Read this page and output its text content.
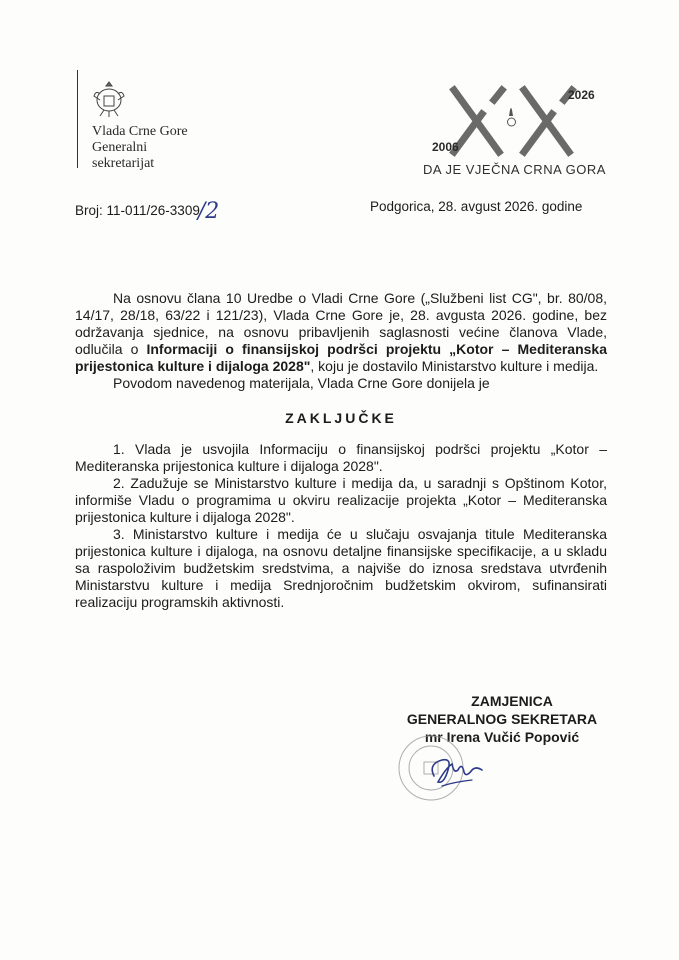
Vlada Crne Gore
Generalni
sekretarijat
2006
2026
DA JE VJEČNA CRNA GORA
Broj: 11-011/26-3309/2	Podgorica, 28. avgust 2026. godine

Na osnovu člana 10 Uredbe o Vladi Crne Gore („Službeni list CG", br. 80/08, 14/17, 28/18, 63/22 i 121/23), Vlada Crne Gore je, 28. avgusta 2026. godine, bez održavanja sjednice, na osnovu pribavljenih saglasnosti većine članova Vlade, odlučila o Informaciji o finansijskoj podršci projektu „Kotor – Mediteranska prijestonica kulture i dijaloga 2028", koju je dostavilo Ministarstvo kulture i medija.

Povodom navedenog materijala, Vlada Crne Gore donijela je

ZAKLJUČKE

1. Vlada je usvojila Informaciju o finansijskoj podršci projektu „Kotor – Mediteranska prijestonica kulture i dijaloga 2028".

2. Zadužuje se Ministarstvo kulture i medija da, u saradnji s Opštinom Kotor, informiše Vladu o programima u okviru realizacije projekta „Kotor – Mediteranska prijestonica kulture i dijaloga 2028".

3. Ministarstvo kulture i medija će u slučaju osvajanja titule Mediteranska prijestonica kulture i dijaloga, na osnovu detaljne finansijske specifikacije, a u skladu sa raspoloživim budžetskim sredstvima, a najviše do iznosa sredstava utvrđenih Ministarstvu kulture i medija Srednjoročnim budžetskim okvirom, sufinansirati realizaciju programskih aktivnosti.

ZAMJENICA
GENERALNOG SEKRETARA
mr Irena Vučić Popović
